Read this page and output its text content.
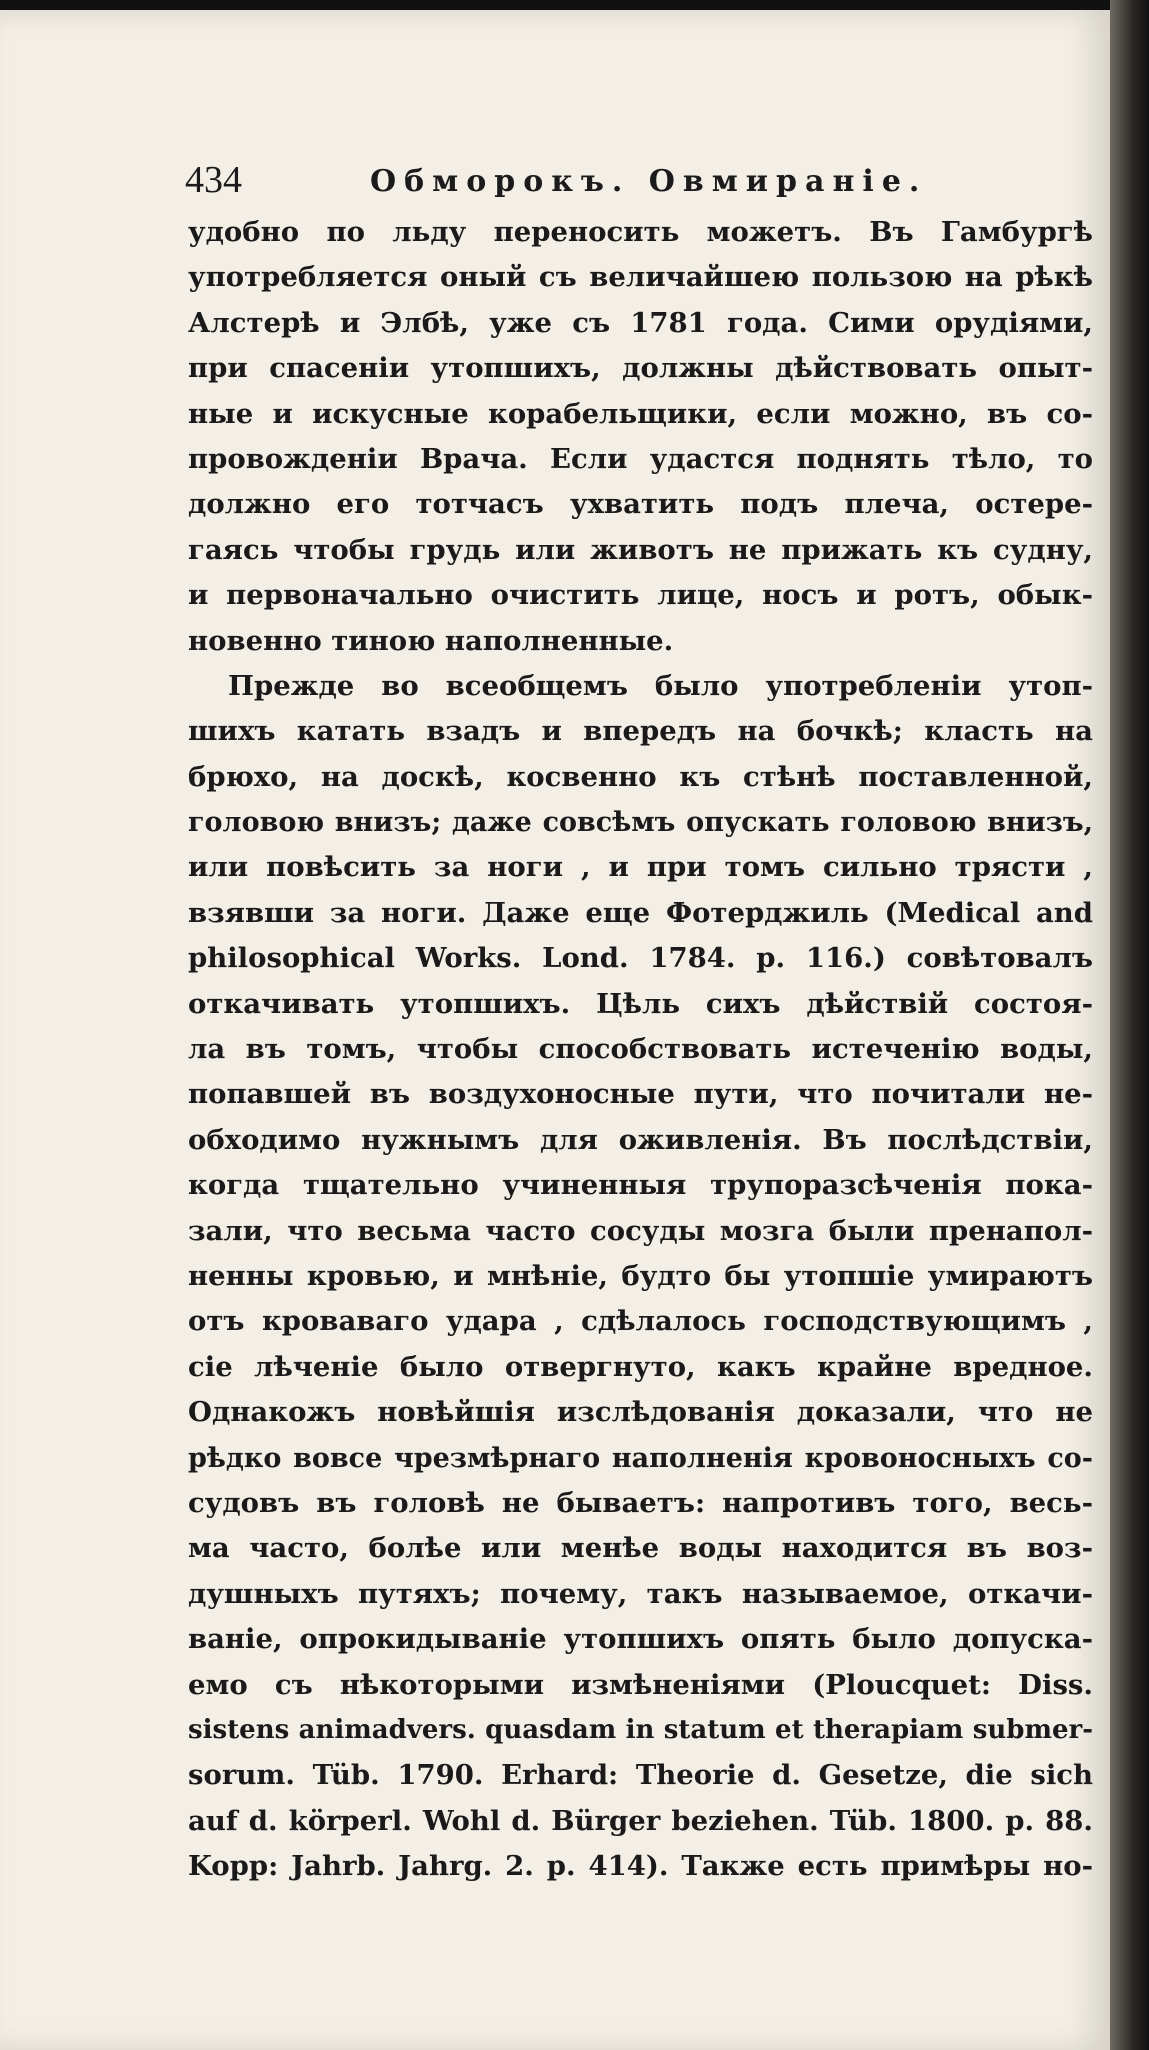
434	Обморокъ. Овмираніе.
удобно по льду переносить можетъ. Въ Гамбургѣ
употребляется оный съ величайшею пользою на рѣкѣ
Алстерѣ и Элбѣ, уже съ 1781 года. Сими орудіями,
при спасеніи утопшихъ, должны дѣйствовать опыт-
ные и искусные корабельщики, если можно, въ со-
провожденіи Врача. Если удастся поднять тѣло, то
должно его тотчасъ ухватить подъ плеча, остере-
гаясь чтобы грудь или животъ не прижать къ судну,
и первоначально очистить лице, носъ и ротъ, обык-
новенно тиною наполненные.
Прежде во всеобщемъ было употребленіи утоп-
шихъ катать взадъ и впередъ на бочкѣ; класть на
брюхо, на доскѣ, косвенно къ стѣнѣ поставленной,
головою внизъ; даже совсѣмъ опускать головою внизъ,
или повѣсить за ноги , и при томъ сильно трясти ,
взявши за ноги. Даже еще Фотерджиль (Medical and
philosophical Works. Lond. 1784. p. 116.) совѣтовалъ
откачивать утопшихъ. Цѣль сихъ дѣйствій состоя-
ла въ томъ, чтобы способствовать истеченію воды,
попавшей въ воздухоносные пути, что почитали не-
обходимо нужнымъ для оживленія. Въ послѣдствіи,
когда тщательно учиненныя трупоразсѣченія пока-
зали, что весьма часто сосуды мозга были пренапол-
ненны кровью, и мнѣніе, будто бы утопшіе умираютъ
отъ кроваваго удара , сдѣлалось господствующимъ ,
сіе лѣченіе было отвергнуто, какъ крайне вредное.
Однакожъ новѣйшія изслѣдованія доказали, что не
рѣдко вовсе чрезмѣрнаго наполненія кровоносныхъ со-
судовъ въ головѣ не бываетъ: напротивъ того, весь-
ма часто, болѣе или менѣе воды находится въ воз-
душныхъ путяхъ; почему, такъ называемое, откачи-
ваніе, опрокидываніе утопшихъ опять было допуска-
емо съ нѣкоторыми измѣненіями (Ploucquet: Diss.
sistens animadvers. quasdam in statum et therapiam submer-
sorum. Tüb. 1790. Erhard: Theorie d. Gesetze, die sich
auf d. körperl. Wohl d. Bürger beziehen. Tüb. 1800. p. 88.
Kopp: Jahrb. Jahrg. 2. p. 414). Также есть примѣры но-
